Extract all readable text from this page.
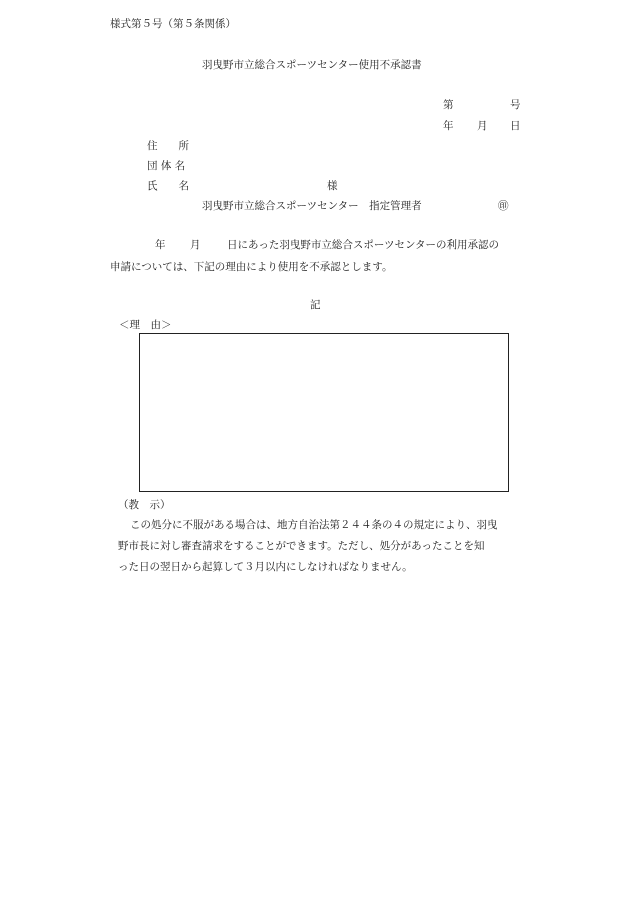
様式第５号（第５条関係）
羽曳野市立総合スポーツセンター使用不承認書
第	号
年 月 日
住　　所
団 体 名
氏　　名	様
羽曳野市立総合スポーツセンター　指定管理者	㊞
年 月	日にあった羽曳野市立総合スポーツセンターの利用承認の
申請については、下記の理由により使用を不承認とします。
記
＜理　由＞
（教　示）
この処分に不服がある場合は、地方自治法第２４４条の４の規定により、羽曳
野市長に対し審査請求をすることができます。ただし、処分があったことを知
った日の翌日から起算して３月以内にしなければなりません。
